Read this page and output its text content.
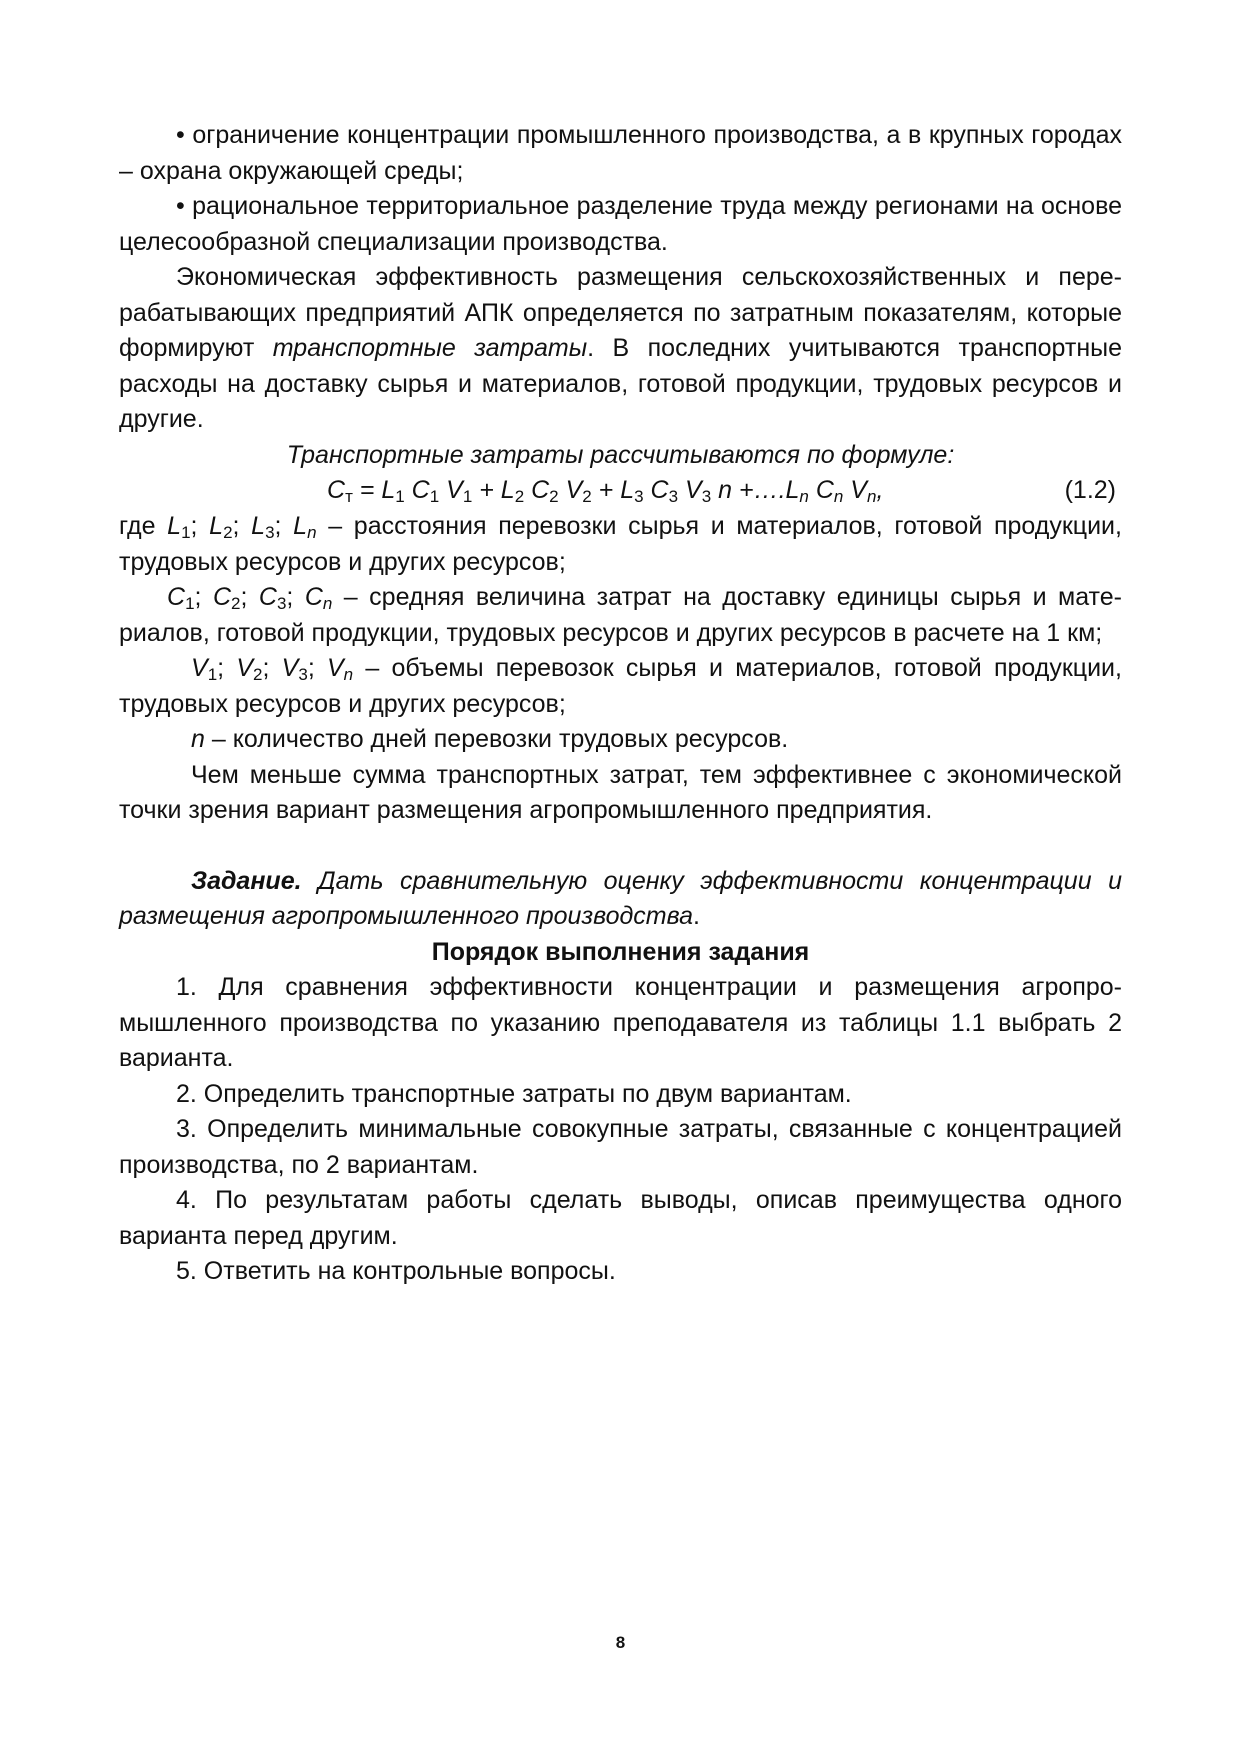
• ограничение концентрации промышленного производства, а в крупных городах – охрана окружающей среды;

• рациональное территориальное разделение труда между регионами на основе целесообразной специализации производства.

Экономическая эффективность размещения сельскохозяйственных и перерабатывающих предприятий АПК определяется по затратным показателям, которые формируют транспортные затраты. В последних учитываются транспортные расходы на доставку сырья и материалов, готовой продукции, трудовых ресурсов и другие.

Транспортные затраты рассчитываются по формуле:

$C_т = L_1$ $C_1$ $V_1 + L_2$ $C_2$ $V_2 + L_3$ $C_3$ $V_3$ $n +\dots.L_n$ $C_n$ $V_n$,	(1.2)

где $L_1$; $L_2$; $L_3$; $L_n$ – расстояния перевозки сырья и материалов, готовой продукции, трудовых ресурсов и других ресурсов;

$C_1$; $C_2$; $C_3$; $C_n$ – средняя величина затрат на доставку единицы сырья и материалов, готовой продукции, трудовых ресурсов и других ресурсов в расчете на 1 км;

$V_1$; $V_2$; $V_3$; $V_n$ – объемы перевозок сырья и материалов, готовой продукции, трудовых ресурсов и других ресурсов;

n – количество дней перевозки трудовых ресурсов.

Чем меньше сумма транспортных затрат, тем эффективнее с экономической точки зрения вариант размещения агропромышленного предприятия.

Задание. Дать сравнительную оценку эффективности концентрации и размещения агропромышленного производства.

Порядок выполнения задания

1. Для сравнения эффективности концентрации и размещения агропромышленного производства по указанию преподавателя из таблицы 1.1 выбрать 2 варианта.

2. Определить транспортные затраты по двум вариантам.

3. Определить минимальные совокупные затраты, связанные с концентрацией производства, по 2 вариантам.

4. По результатам работы сделать выводы, описав преимущества одного варианта перед другим.

5. Ответить на контрольные вопросы.

8
